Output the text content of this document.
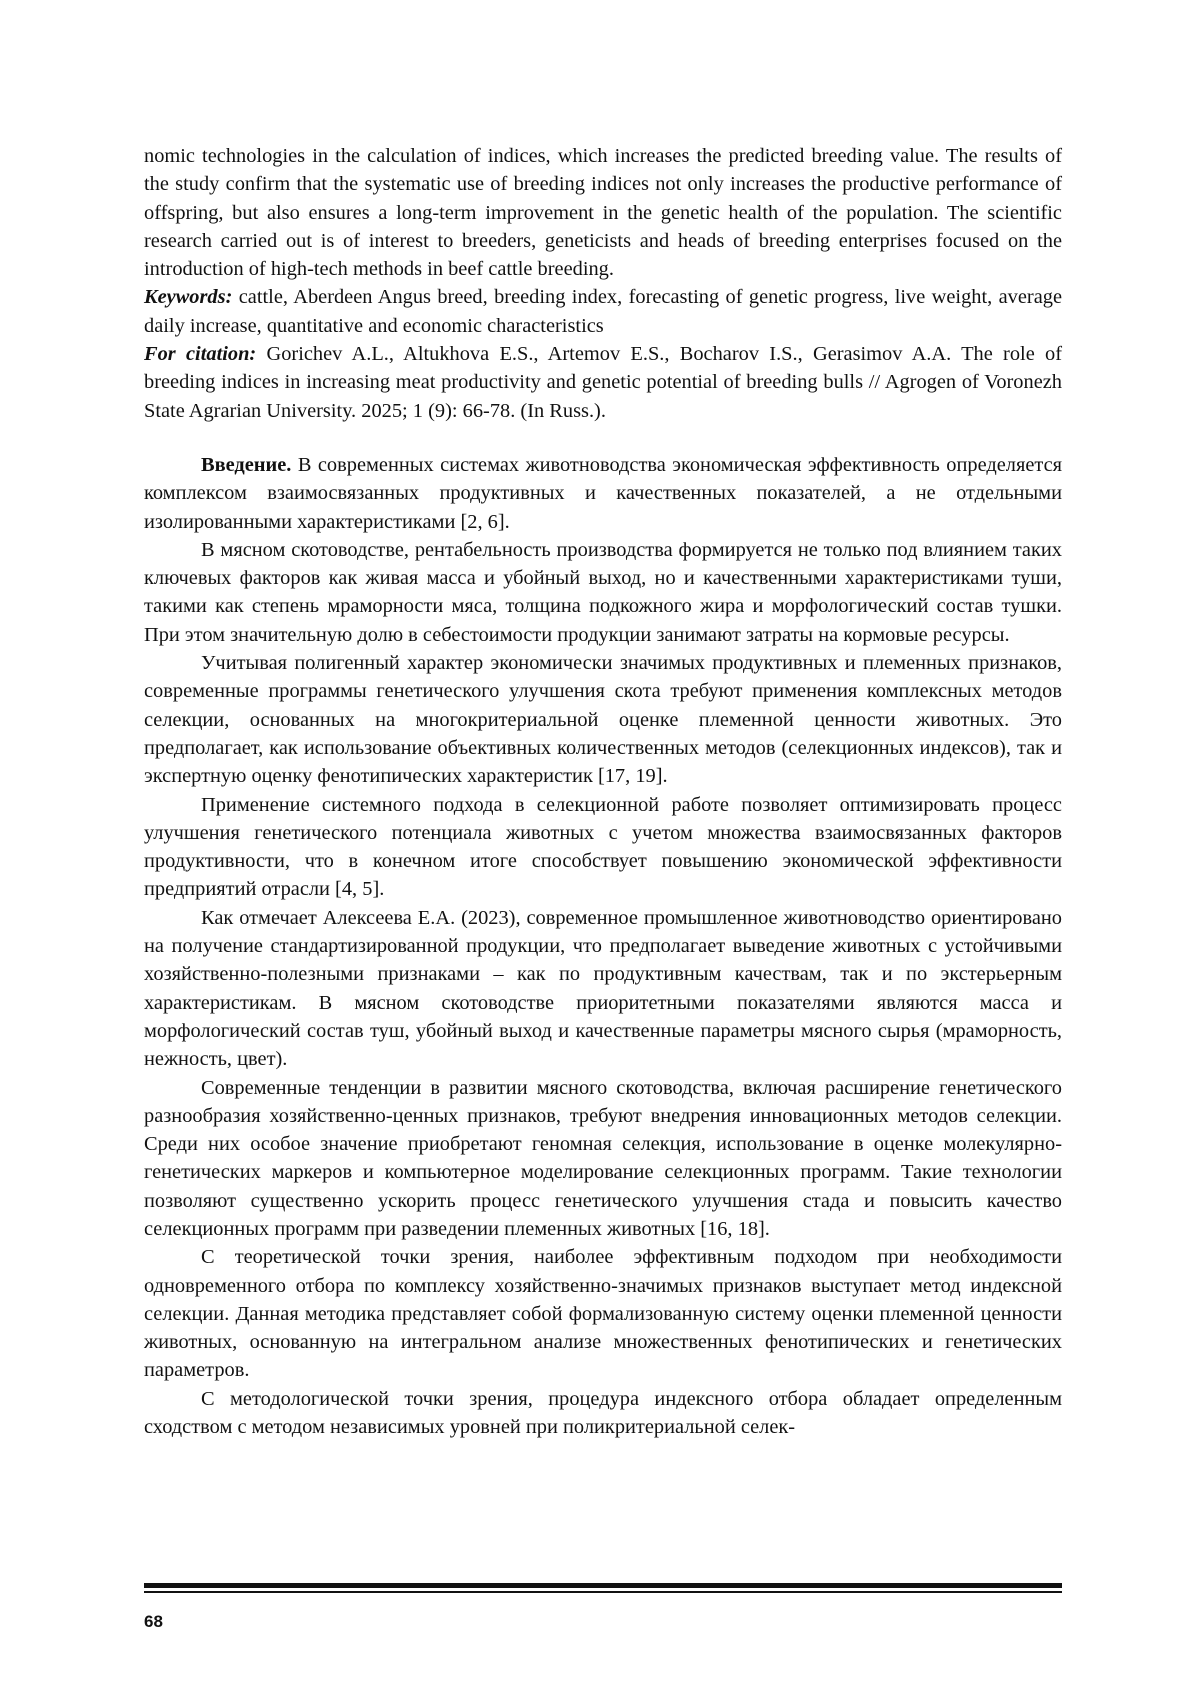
nomic technologies in the calculation of indices, which increases the predicted breeding value. The results of the study confirm that the systematic use of breeding indices not only increases the productive performance of offspring, but also ensures a long-term improvement in the genetic health of the population. The scientific research carried out is of interest to breeders, geneticists and heads of breeding enterprises focused on the introduction of high-tech methods in beef cattle breeding.

Keywords: cattle, Aberdeen Angus breed, breeding index, forecasting of genetic progress, live weight, average daily increase, quantitative and economic characteristics

For citation: Gorichev A.L., Altukhova E.S., Artemov E.S., Bocharov I.S., Gerasimov A.A. The role of breeding indices in increasing meat productivity and genetic potential of breeding bulls // Agrogen of Voronezh State Agrarian University. 2025; 1 (9): 66-78. (In Russ.).

Введение. В современных системах животноводства экономическая эффективность определяется комплексом взаимосвязанных продуктивных и качественных показателей, а не отдельными изолированными характеристиками [2, 6].

В мясном скотоводстве, рентабельность производства формируется не только под влиянием таких ключевых факторов как живая масса и убойный выход, но и качественными характеристиками туши, такими как степень мраморности мяса, толщина подкожного жира и морфологический состав тушки. При этом значительную долю в себестоимости продукции занимают затраты на кормовые ресурсы.

Учитывая полигенный характер экономически значимых продуктивных и племенных признаков, современные программы генетического улучшения скота требуют применения комплексных методов селекции, основанных на многокритериальной оценке племенной ценности животных. Это предполагает, как использование объективных количественных методов (селекционных индексов), так и экспертную оценку фенотипических характеристик [17, 19].

Применение системного подхода в селекционной работе позволяет оптимизировать процесс улучшения генетического потенциала животных с учетом множества взаимосвязанных факторов продуктивности, что в конечном итоге способствует повышению экономической эффективности предприятий отрасли [4, 5].

Как отмечает Алексеева Е.А. (2023), современное промышленное животноводство ориентировано на получение стандартизированной продукции, что предполагает выведение животных с устойчивыми хозяйственно-полезными признаками – как по продуктивным качествам, так и по экстерьерным характеристикам. В мясном скотоводстве приоритетными показателями являются масса и морфологический состав туш, убойный выход и качественные параметры мясного сырья (мраморность, нежность, цвет).

Современные тенденции в развитии мясного скотоводства, включая расширение генетического разнообразия хозяйственно-ценных признаков, требуют внедрения инновационных методов селекции. Среди них особое значение приобретают геномная селекция, использование в оценке молекулярно-генетических маркеров и компьютерное моделирование селекционных программ. Такие технологии позволяют существенно ускорить процесс генетического улучшения стада и повысить качество селекционных программ при разведении племенных животных [16, 18].

С теоретической точки зрения, наиболее эффективным подходом при необходимости одновременного отбора по комплексу хозяйственно-значимых признаков выступает метод индексной селекции. Данная методика представляет собой формализованную систему оценки племенной ценности животных, основанную на интегральном анализе множественных фенотипических и генетических параметров.

С методологической точки зрения, процедура индексного отбора обладает определенным сходством с методом независимых уровней при поликритериальной селек-

68
